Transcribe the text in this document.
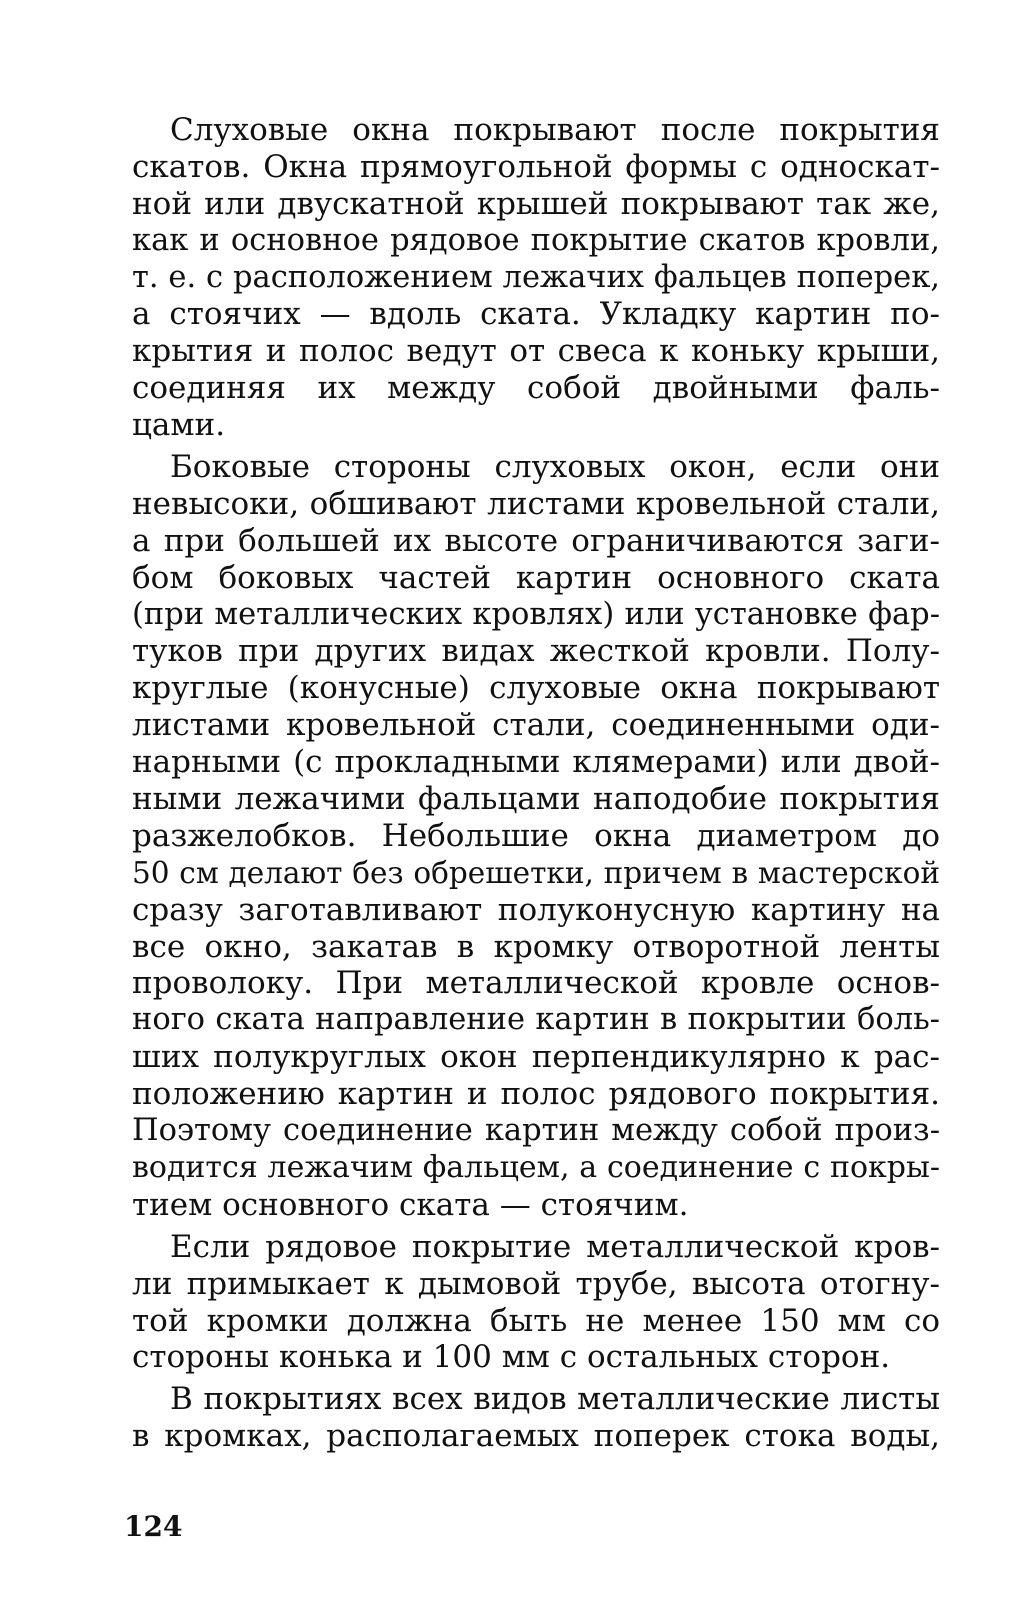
Слуховые окна покрывают после покрытия
скатов. Окна прямоугольной формы с односкат-
ной или двускатной крышей покрывают так же,
как и основное рядовое покрытие скатов кровли,
т. е. с расположением лежачих фальцев поперек,
а стоячих — вдоль ската. Укладку картин по-
крытия и полос ведут от свеса к коньку крыши,
соединяя их между собой двойными фаль-
цами.

Боковые стороны слуховых окон, если они
невысоки, обшивают листами кровельной стали,
а при большей их высоте ограничиваются заги-
бом боковых частей картин основного ската
(при металлических кровлях) или установке фар-
туков при других видах жесткой кровли. Полу-
круглые (конусные) слуховые окна покрывают
листами кровельной стали, соединенными оди-
нарными (с прокладными клямерами) или двой-
ными лежачими фальцами наподобие покрытия
разжелобков. Небольшие окна диаметром до
50 см делают без обрешетки, причем в мастерской
сразу заготавливают полуконусную картину на
все окно, закатав в кромку отворотной ленты
проволоку. При металлической кровле основ-
ного ската направление картин в покрытии боль-
ших полукруглых окон перпендикулярно к рас-
положению картин и полос рядового покрытия.
Поэтому соединение картин между собой произ-
водится лежачим фальцем, а соединение с покры-
тием основного ската — стоячим.

Если рядовое покрытие металлической кров-
ли примыкает к дымовой трубе, высота отогну-
той кромки должна быть не менее 150 мм со
стороны конька и 100 мм с остальных сторон.

В покрытиях всех видов металлические листы
в кромках, располагаемых поперек стока воды,

124
